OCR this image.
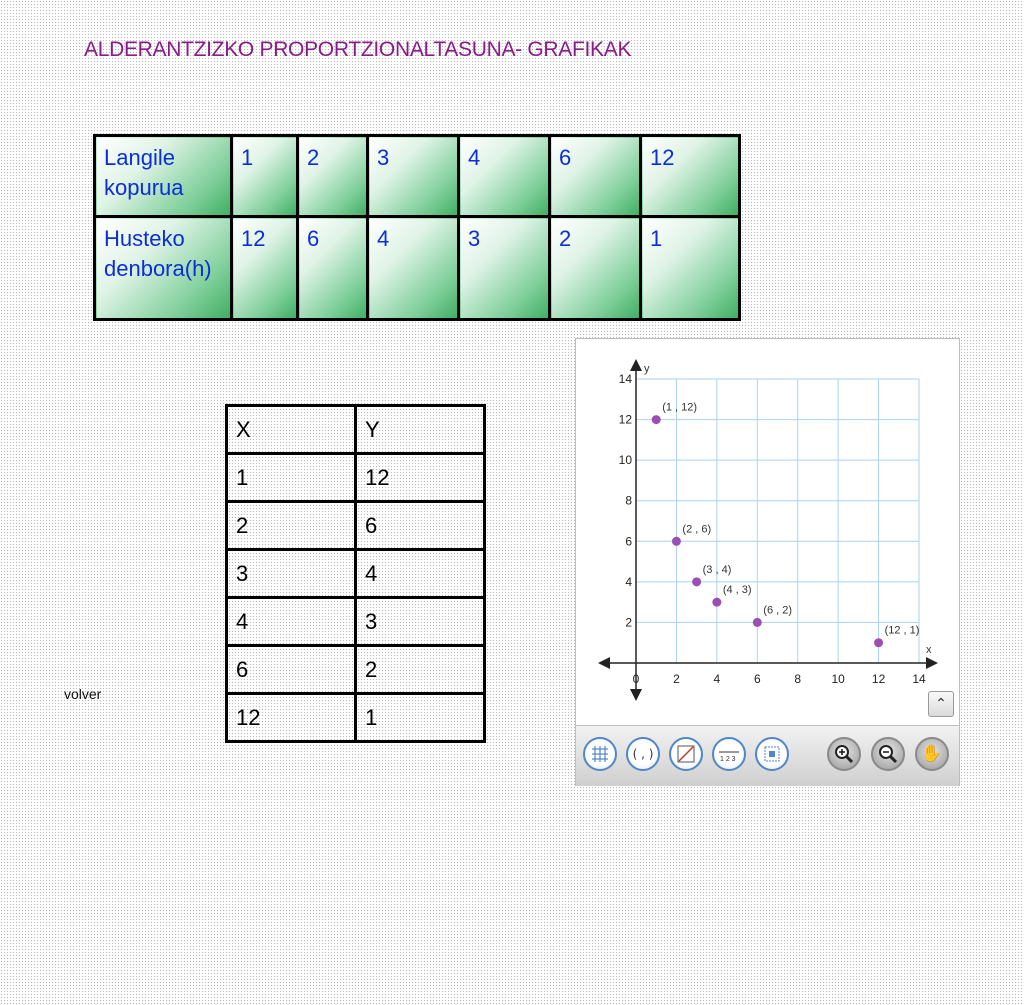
ALDERANTZIZKO PROPORTZIONALTASUNA- GRAFIKAK
Langile kopurua	1	2	3	4	6	12
Husteko denbora(h)	12	6	4	3	2	1
X	Y
1	12
2	6
3	4
4	3
6	2
12	1
volver
x
y
0	2	4	6	8	10 12 14
2
4
6
8
10
12
14
(1 , 12)
(2 , 6)
(3 , 4)
(4 , 3)
(6 , 2)
(12 , 1)
⌃
( , )	1 2 3	✋
